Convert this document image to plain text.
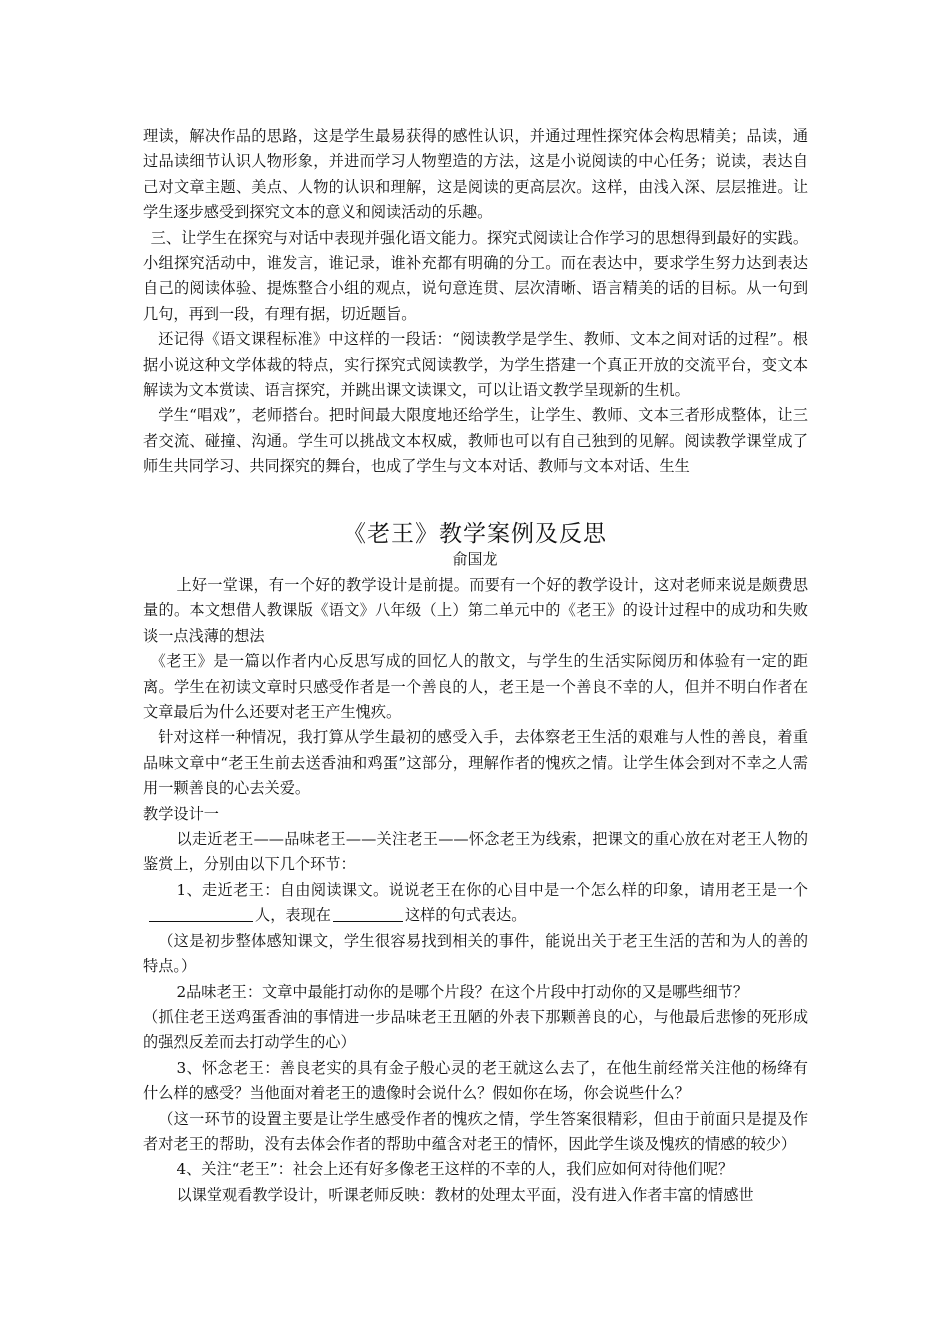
理读，解决作品的思路，这是学生最易获得的感性认识，并通过理性探究体会构思精美；品读，通过品读细节认识人物形象，并进而学习人物塑造的方法，这是小说阅读的中心任务；说读，表达自己对文章主题、美点、人物的认识和理解，这是阅读的更高层次。这样，由浅入深、层层推进。让学生逐步感受到探究文本的意义和阅读活动的乐趣。

三、让学生在探究与对话中表现并强化语文能力。探究式阅读让合作学习的思想得到最好的实践。小组探究活动中，谁发言，谁记录，谁补充都有明确的分工。而在表达中，要求学生努力达到表达自己的阅读体验、提炼整合小组的观点，说句意连贯、层次清晰、语言精美的话的目标。从一句到几句，再到一段，有理有据，切近题旨。

还记得《语文课程标准》中这样的一段话：“阅读教学是学生、教师、文本之间对话的过程”。根据小说这种文学体裁的特点，实行探究式阅读教学，为学生搭建一个真正开放的交流平台，变文本解读为文本赏读、语言探究，并跳出课文读课文，可以让语文教学呈现新的生机。

学生“唱戏”，老师搭台。把时间最大限度地还给学生，让学生、教师、文本三者形成整体，让三者交流、碰撞、沟通。学生可以挑战文本权威，教师也可以有自己独到的见解。阅读教学课堂成了师生共同学习、共同探究的舞台，也成了学生与文本对话、教师与文本对话、生生

《老王》教学案例及反思
俞国龙

上好一堂课，有一个好的教学设计是前提。而要有一个好的教学设计，这对老师来说是颇费思量的。本文想借人教课版《语文》八年级（上）第二单元中的《老王》的设计过程中的成功和失败谈一点浅薄的想法

《老王》是一篇以作者内心反思写成的回忆人的散文，与学生的生活实际阅历和体验有一定的距离。学生在初读文章时只感受作者是一个善良的人，老王是一个善良不幸的人，但并不明白作者在文章最后为什么还要对老王产生愧疚。

针对这样一种情况，我打算从学生最初的感受入手，去体察老王生活的艰难与人性的善良，着重品味文章中“老王生前去送香油和鸡蛋”这部分，理解作者的愧疚之情。让学生体会到对不幸之人需用一颗善良的心去关爱。

教学设计一

以走近老王——品味老王——关注老王——怀念老王为线索，把课文的重心放在对老王人物的鉴赏上，分别由以下几个环节：

1、走近老王：自由阅读课文。说说老王在你的心目中是一个怎么样的印象，请用老王是一个人，表现在	这样的句式表达。

（这是初步整体感知课文，学生很容易找到相关的事件，能说出关于老王生活的苦和为人的善的特点。）

2品味老王：文章中最能打动你的是哪个片段？在这个片段中打动你的又是哪些细节？

（抓住老王送鸡蛋香油的事情进一步品味老王丑陋的外表下那颗善良的心，与他最后悲惨的死形成的强烈反差而去打动学生的心）

3、怀念老王：善良老实的具有金子般心灵的老王就这么去了，在他生前经常关注他的杨绛有什么样的感受？当他面对着老王的遗像时会说什么？假如你在场，你会说些什么？

（这一环节的设置主要是让学生感受作者的愧疚之情，学生答案很精彩，但由于前面只是提及作者对老王的帮助，没有去体会作者的帮助中蕴含对老王的情怀，因此学生谈及愧疚的情感的较少）

4、关注“老王”：社会上还有好多像老王这样的不幸的人，我们应如何对待他们呢？

以课堂观看教学设计，听课老师反映：教材的处理太平面，没有进入作者丰富的情感世
